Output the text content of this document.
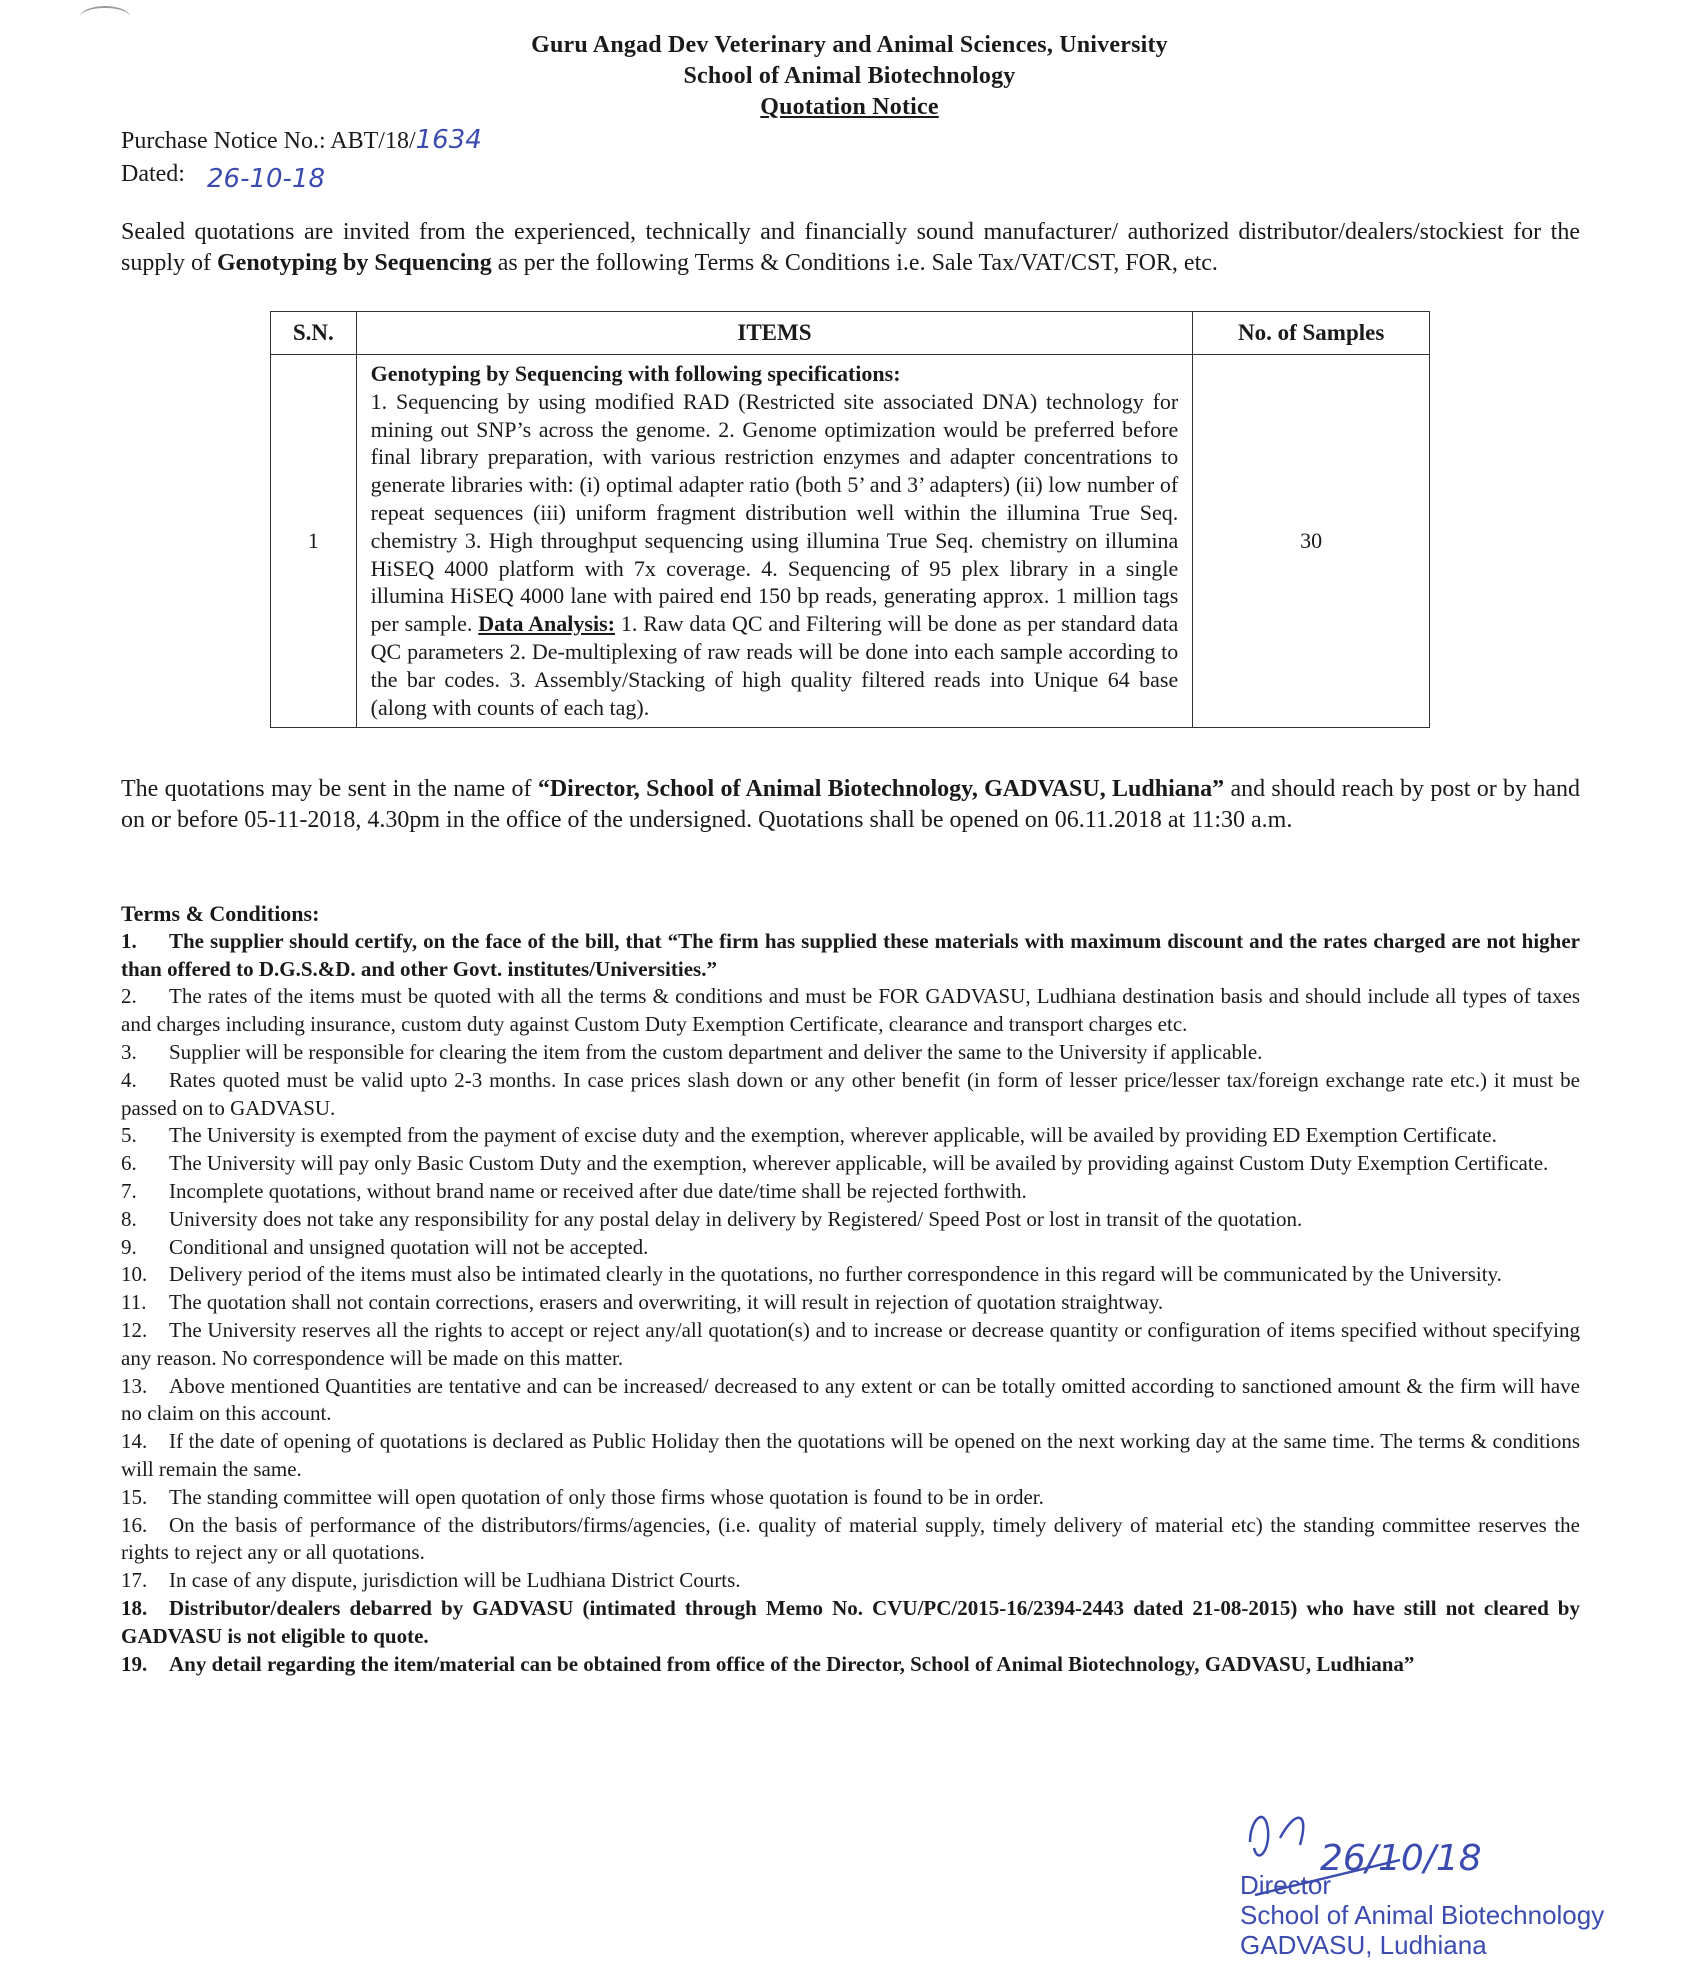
Guru Angad Dev Veterinary and Animal Sciences, University
School of Animal Biotechnology
Quotation Notice
Purchase Notice No.: ABT/18/1634
Dated: 26-10-18
Sealed quotations are invited from the experienced, technically and financially sound manufacturer/ authorized distributor/dealers/stockiest for the supply of Genotyping by Sequencing as per the following Terms & Conditions i.e. Sale Tax/VAT/CST, FOR, etc.
S.N.	ITEMS	No. of Samples
1	Genotyping by Sequencing with following specifications:
1. Sequencing by using modified RAD (Restricted site associated DNA) technology for mining out SNP’s across the genome. 2. Genome optimization would be preferred before final library preparation, with various restriction enzymes and adapter concentrations to generate libraries with: (i) optimal adapter ratio (both 5’ and 3’ adapters) (ii) low number of repeat sequences (iii) uniform fragment distribution well within the illumina True Seq. chemistry 3. High throughput sequencing using illumina True Seq. chemistry on illumina HiSEQ 4000 platform with 7x coverage. 4. Sequencing of 95 plex library in a single illumina HiSEQ 4000 lane with paired end 150 bp reads, generating approx. 1 million tags per sample. Data Analysis: 1. Raw data QC and Filtering will be done as per standard data QC parameters 2. De-multiplexing of raw reads will be done into each sample according to the bar codes. 3. Assembly/Stacking of high quality filtered reads into Unique 64 base (along with counts of each tag).	30
The quotations may be sent in the name of “Director, School of Animal Biotechnology, GADVASU, Ludhiana” and should reach by post or by hand on or before 05-11-2018, 4.30pm in the office of the undersigned. Quotations shall be opened on 06.11.2018 at 11:30 a.m.
Terms & Conditions:
1. The supplier should certify, on the face of the bill, that “The firm has supplied these materials with maximum discount and the rates charged are not higher than offered to D.G.S.&D. and other Govt. institutes/Universities.”
2. The rates of the items must be quoted with all the terms & conditions and must be FOR GADVASU, Ludhiana destination basis and should include all types of taxes and charges including insurance, custom duty against Custom Duty Exemption Certificate, clearance and transport charges etc.
3. Supplier will be responsible for clearing the item from the custom department and deliver the same to the University if applicable.
4. Rates quoted must be valid upto 2-3 months. In case prices slash down or any other benefit (in form of lesser price/lesser tax/foreign exchange rate etc.) it must be passed on to GADVASU.
5. The University is exempted from the payment of excise duty and the exemption, wherever applicable, will be availed by providing ED Exemption Certificate.
6. The University will pay only Basic Custom Duty and the exemption, wherever applicable, will be availed by providing against Custom Duty Exemption Certificate.
7. Incomplete quotations, without brand name or received after due date/time shall be rejected forthwith.
8. University does not take any responsibility for any postal delay in delivery by Registered/ Speed Post or lost in transit of the quotation.
9. Conditional and unsigned quotation will not be accepted.
10. Delivery period of the items must also be intimated clearly in the quotations, no further correspondence in this regard will be communicated by the University.
11. The quotation shall not contain corrections, erasers and overwriting, it will result in rejection of quotation straightway.
12. The University reserves all the rights to accept or reject any/all quotation(s) and to increase or decrease quantity or configuration of items specified without specifying any reason. No correspondence will be made on this matter.
13. Above mentioned Quantities are tentative and can be increased/ decreased to any extent or can be totally omitted according to sanctioned amount & the firm will have no claim on this account.
14. If the date of opening of quotations is declared as Public Holiday then the quotations will be opened on the next working day at the same time. The terms & conditions will remain the same.
15. The standing committee will open quotation of only those firms whose quotation is found to be in order.
16. On the basis of performance of the distributors/firms/agencies, (i.e. quality of material supply, timely delivery of material etc) the standing committee reserves the rights to reject any or all quotations.
17. In case of any dispute, jurisdiction will be Ludhiana District Courts.
18. Distributor/dealers debarred by GADVASU (intimated through Memo No. CVU/PC/2015-16/2394-2443 dated 21-08-2015) who have still not cleared by GADVASU is not eligible to quote.
19. Any detail regarding the item/material can be obtained from office of the Director, School of Animal Biotechnology, GADVASU, Ludhiana”
26/10/18
Director
School of Animal Biotechnology
GADVASU, Ludhiana
